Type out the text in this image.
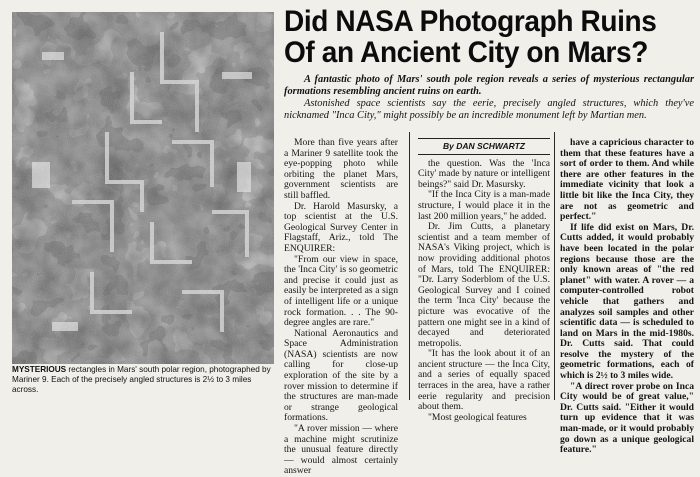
MYSTERIOUS rectangles in Mars' south polar region, photographed by Mariner 9. Each of the precisely angled structures is 2½ to 3 miles across.
Did NASA Photograph Ruins Of an Ancient City on Mars?

A fantastic photo of Mars' south pole region reveals a series of mysterious rectangular formations resembling ancient ruins on earth.

Astonished space scientists say the eerie, precisely angled structures, which they've nicknamed "Inca City," might possibly be an incredible monument left by Martian men.

More than five years after a Mariner 9 satellite took the eye-popping photo while orbiting the planet Mars, government scientists are still baffled.

Dr. Harold Masursky, a top scientist at the U.S. Geological Survey Center in Flagstaff, Ariz., told The ENQUIRER:

"From our view in space, the 'Inca City' is so geometric and precise it could just as easily be interpreted as a sign of intelligent life or a unique rock formation. . . The 90-degree angles are rare."

National Aeronautics and Space Administration (NASA) scientists are now calling for close-up exploration of the site by a rover mission to determine if the structures are man-made or strange geological formations.

"A rover mission — where a machine might scrutinize the unusual feature directly — would almost certainly answer

By DAN SCHWARTZ

the question. Was the 'Inca City' made by nature or intelligent beings?" said Dr. Masursky.

"If the Inca City is a man-made structure, I would place it in the last 200 million years," he added.

Dr. Jim Cutts, a planetary scientist and a team member of NASA's Viking project, which is now providing additional photos of Mars, told The ENQUIRER: "Dr. Larry Soderblom of the U.S. Geological Survey and I coined the term 'Inca City' because the picture was evocative of the pattern one might see in a kind of decayed and deteriorated metropolis.

"It has the look about it of an ancient structure — the Inca City, and a series of equally spaced terraces in the area, have a rather eerie regularity and precision about them.

"Most geological features

have a capricious character to them that these features have a sort of order to them. And while there are other features in the immediate vicinity that look a little bit like the Inca City, they are not as geometric and perfect."

If life did exist on Mars, Dr. Cutts added, it would probably have been located in the polar regions because those are the only known areas of "the red planet" with water. A rover — a computer-controlled robot vehicle that gathers and analyzes soil samples and other scientific data — is scheduled to land on Mars in the mid-1980s. Dr. Cutts said. That could resolve the mystery of the geometric formations, each of which is 2½ to 3 miles wide.

"A direct rover probe on Inca City would be of great value," Dr. Cutts said. "Either it would turn up evidence that it was man-made, or it would probably go down as a unique geological feature."
